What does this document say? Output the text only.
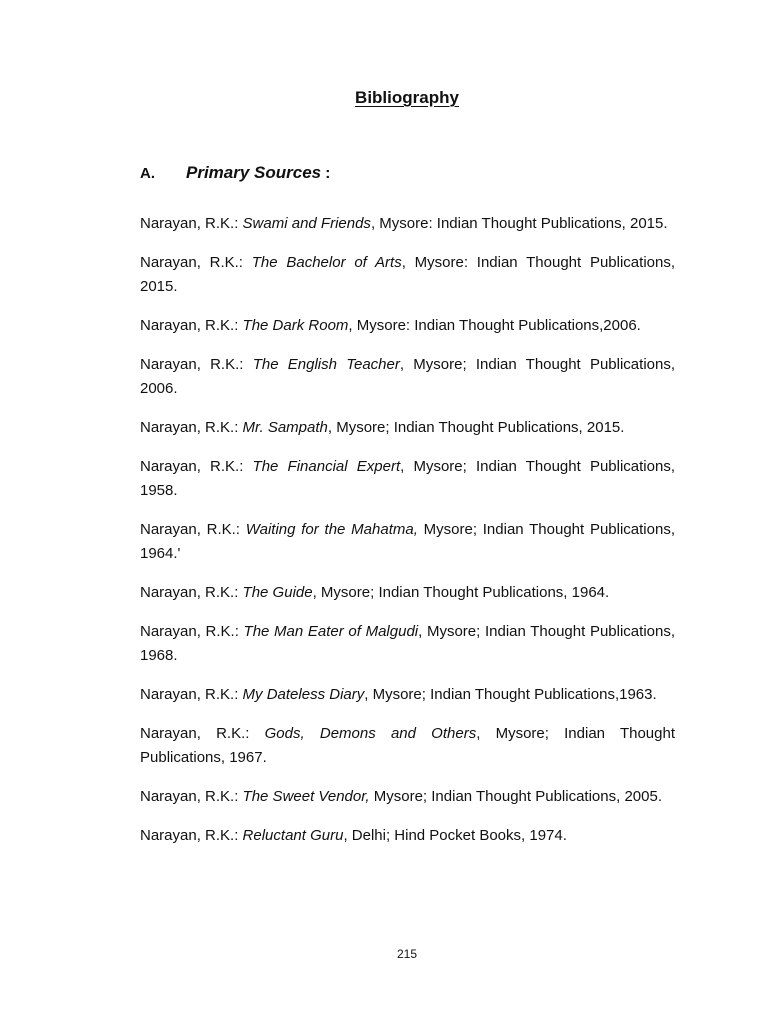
Bibliography
A. Primary Sources :

Narayan, R.K.: Swami and Friends, Mysore: Indian Thought Publications, 2015.

Narayan, R.K.: The Bachelor of Arts, Mysore: Indian Thought Publications, 2015.

Narayan, R.K.: The Dark Room, Mysore: Indian Thought Publications,2006.

Narayan, R.K.: The English Teacher, Mysore; Indian Thought Publications, 2006.

Narayan, R.K.: Mr. Sampath, Mysore; Indian Thought Publications, 2015.

Narayan, R.K.: The Financial Expert, Mysore; Indian Thought Publications, 1958.

Narayan, R.K.: Waiting for the Mahatma, Mysore; Indian Thought Publications, 1964.'

Narayan, R.K.: The Guide, Mysore; Indian Thought Publications, 1964.

Narayan, R.K.: The Man Eater of Malgudi, Mysore; Indian Thought Publications, 1968.

Narayan, R.K.: My Dateless Diary, Mysore; Indian Thought Publications,1963.

Narayan, R.K.: Gods, Demons and Others, Mysore; Indian Thought Publications, 1967.

Narayan, R.K.: The Sweet Vendor, Mysore; Indian Thought Publications, 2005.

Narayan, R.K.: Reluctant Guru, Delhi; Hind Pocket Books, 1974.

215
